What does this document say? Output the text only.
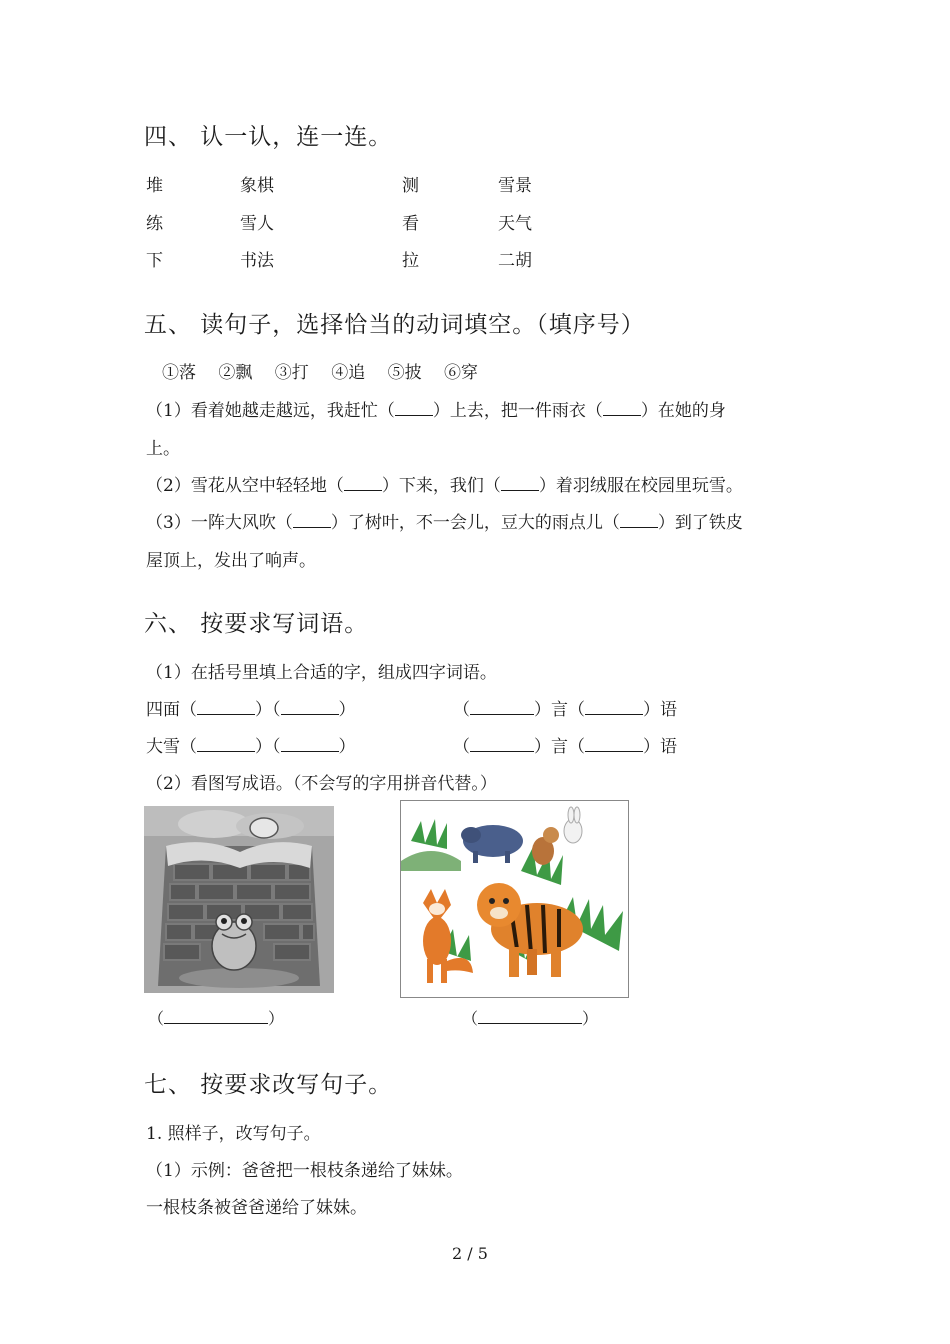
四、 认一认，连一连。
堆	象棋	测	雪景
练	雪人	看	天气
下	书法	拉	二胡
五、 读句子，选择恰当的动词填空。（填序号）
①落　 ②飘　 ③打　 ④追　 ⑤披　 ⑥穿
（1）看着她越走越远，我赶忙（ ）上去，把一件雨衣（ ）在她的身
上。
（2）雪花从空中轻轻地（ ）下来，我们（ ）着羽绒服在校园里玩雪。
（3）一阵大风吹（ ）了树叶，不一会儿，豆大的雨点儿（ ）到了铁皮
屋顶上，发出了响声。
六、 按要求写词语。
（1）在括号里填上合适的字，组成四字词语。
四面（	）（	）	（	）言（	）语
大雪（	）（	）	（	）言（	）语
（2）看图写成语。（不会写的字用拼音代替。）
（	）	（	）
七、 按要求改写句子。
1. 照样子，改写句子。
（1）示例：爸爸把一根枝条递给了妹妹。
一根枝条被爸爸递给了妹妹。
2 / 5
